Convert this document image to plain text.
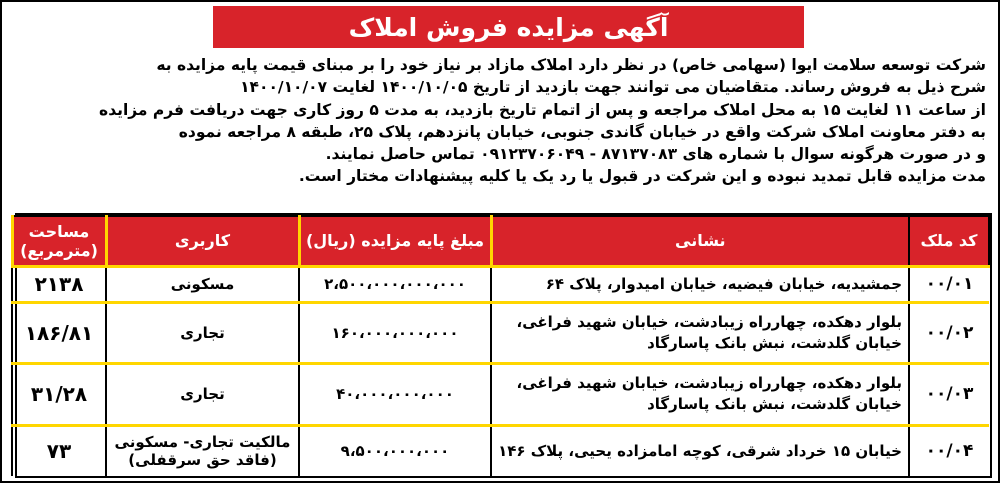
آگهی مزایده فروش املاک
شرکت توسعه سلامت ایوا (سهامی خاص) در نظر دارد املاک مازاد بر نیاز خود را بر مبنای قیمت پایه مزایده به
شرح ذیل به فروش رساند. متقاضیان می توانند جهت بازدید از تاریخ ۱۴۰۰/۱۰/۰۵ لغایت ۱۴۰۰/۱۰/۰۷
از ساعت ۱۱ لغایت ۱۵ به محل املاک مراجعه و پس از اتمام تاریخ بازدید، به مدت ۵ روز کاری جهت دریافت فرم مزایده
به دفتر معاونت املاک شرکت واقع در خیابان گاندی جنوبی، خیابان پانزدهم، پلاک ۲۵، طبقه ۸ مراجعه نموده
و در صورت هرگونه سوال با شماره های ۸۷۱۳۷۰۸۳ - ۰۹۱۲۳۷۰۶۰۴۹ تماس حاصل نمایند.
مدت مزایده قابل تمدید نبوده و این شرکت در قبول یا رد یک یا کلیه پیشنهادات مختار است.
کد ملک	نشانی	مبلغ پایه مزایده (ریال)	کاربری	مساحت
(مترمربع)

۰۰/۰۱	جمشیدیه، خیابان فیضیه، خیابان امیدوار، پلاک ۶۴	۲،۵۰۰،۰۰۰،۰۰۰،۰۰۰	مسکونی	۲۱۳۸
۰۰/۰۲	بلوار دهکده، چهارراه زیبادشت، خیابان شهید فراغی،
خیابان گلدشت، نبش بانک پاسارگاد	۱۶۰،۰۰۰،۰۰۰،۰۰۰	تجاری	۱۸۶/۸۱
۰۰/۰۳	بلوار دهکده، چهارراه زیبادشت، خیابان شهید فراغی،
خیابان گلدشت، نبش بانک پاسارگاد	۴۰،۰۰۰،۰۰۰،۰۰۰	تجاری	۳۱/۲۸
۰۰/۰۴	خیابان ۱۵ خرداد شرقی، کوچه امامزاده یحیی، پلاک ۱۴۶	۹،۵۰۰،۰۰۰،۰۰۰	مالکیت تجاری- مسکونی
(فاقد حق سرقفلی)	۷۳
